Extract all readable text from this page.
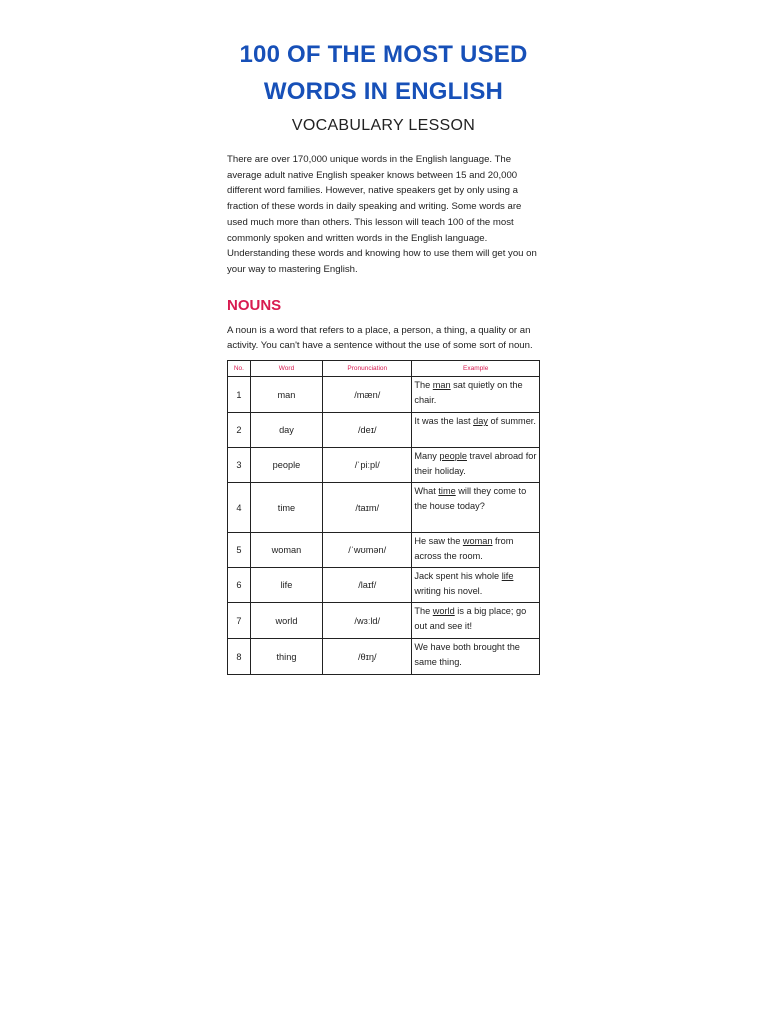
100 OF THE MOST USED
WORDS IN ENGLISH
VOCABULARY LESSON

There are over 170,000 unique words in the English language. The average adult native English speaker knows between 15 and 20,000 different word families. However, native speakers get by only using a fraction of these words in daily speaking and writing. Some words are used much more than others. This lesson will teach 100 of the most commonly spoken and written words in the English language. Understanding these words and knowing how to use them will get you on your way to mastering English.

NOUNS

A noun is a word that refers to a place, a person, a thing, a quality or an activity. You can't have a sentence without the use of some sort of noun.

No.	Word	Pronunciation	Example
1	man	/mæn/	The man sat quietly on the chair.
2	day	/deɪ/	It was the last day of summer.
3	people	/ˈpiːpl/	Many people travel abroad for their holiday.
4	time	/taɪm/	What time will they come to the house today?
5	woman	/ˈwʊmən/	He saw the woman from across the room.
6	life	/laɪf/	Jack spent his whole life writing his novel.
7	world	/wɜːld/	The world is a big place; go out and see it!
8	thing	/θɪŋ/	We have both brought the same thing.
